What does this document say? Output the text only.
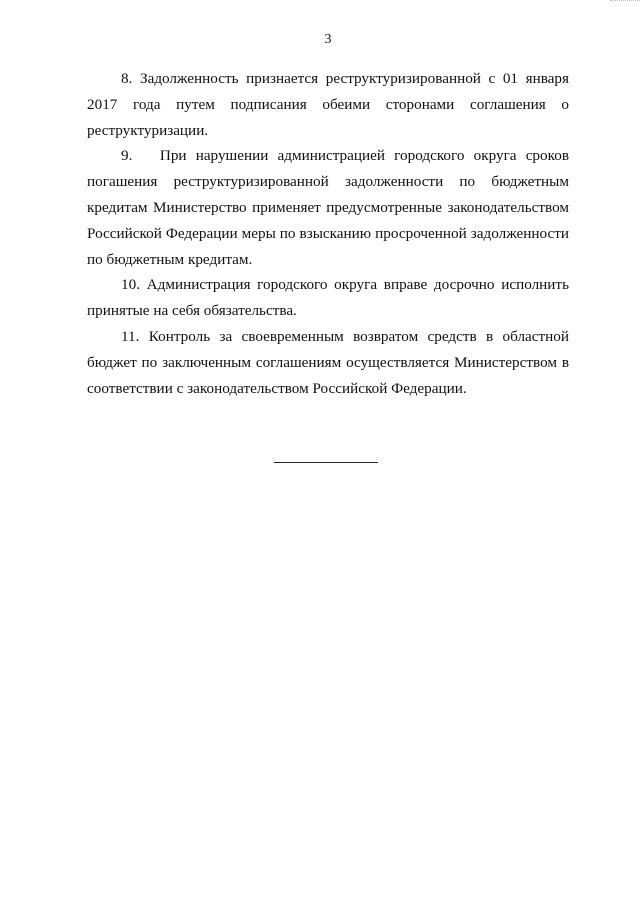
3

8. Задолженность признается реструктуризированной с 01 января 2017 года путем подписания обеими сторонами соглашения о реструктуризации.

9.   При нарушении администрацией городского округа сроков погашения реструктуризированной задолженности по бюджетным кредитам Министерство применяет предусмотренные законодательством Российской Федерации меры по взысканию просроченной задолженности по бюджетным кредитам.

10. Администрация городского округа вправе досрочно исполнить принятые на себя обязательства.

11. Контроль за своевременным возвратом средств в областной бюджет по заключенным соглашениям осуществляется Министерством в соответствии с законодательством Российской Федерации.
